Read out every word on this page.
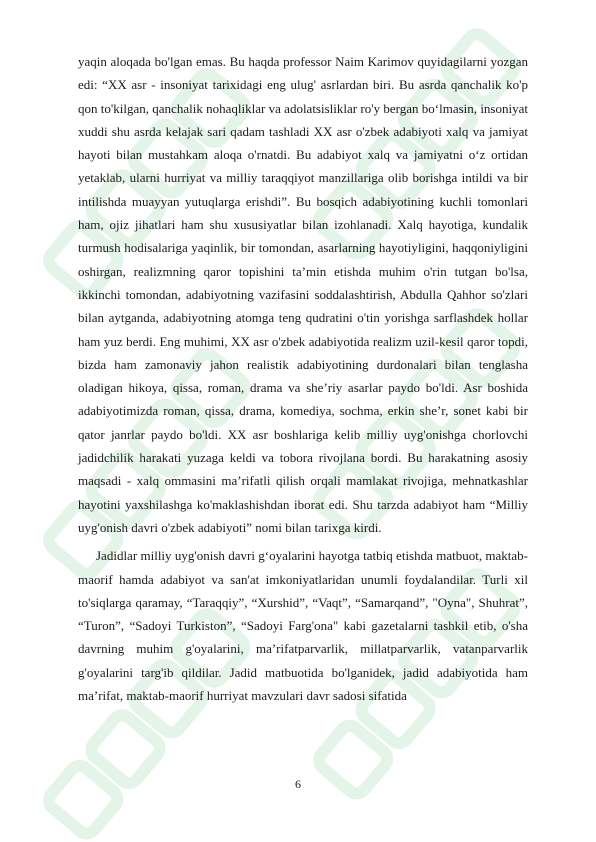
yaqin aloqada bo'lgan emas. Bu haqda professor Naim Karimov quyidagilarni yozgan edi: “XX asr - insoniyat tarixidagi eng ulug' asrlardan biri. Bu asrda qanchalik ko'p qon to'kilgan, qanchalik nohaqliklar va adolatsisliklar ro'y bergan bo‘lmasin, insoniyat xuddi shu asrda kelajak sari qadam tashladi XX asr o'zbek adabiyoti xalq va jamiyat hayoti bilan mustahkam aloqa o'rnatdi. Bu adabiyot xalq va jamiyatni o‘z ortidan yetaklab, ularni hurriyat va milliy taraqqiyot manzillariga olib borishga intildi va bir intilishda muayyan yutuqlarga erishdi”. Bu bosqich adabiyotining kuchli tomonlari ham, ojiz jihatlari ham shu xususiyatlar bilan izohlanadi. Xalq hayotiga, kundalik turmush hodisalariga yaqinlik, bir tomondan, asarlarning hayotiyligini, haqqoniyligini oshirgan, realizmning qaror topishini ta’min etishda muhim o'rin tutgan bo'lsa, ikkinchi tomondan, adabiyotning vazifasini soddalashtirish, Abdulla Qahhor so'zlari bilan aytganda, adabiyotning atomga teng qudratini o'tin yorishga sarflashdek hollar ham yuz berdi. Eng muhimi, XX asr o'zbek adabiyotida realizm uzil-kesil qaror topdi, bizda ham zamonaviy jahon realistik adabiyotining durdonalari bilan tenglasha oladigan hikoya, qissa, roman, drama va she’riy asarlar paydo bo'ldi. Asr boshida adabiyotimizda roman, qissa, drama, komediya, sochma, erkin she’r, sonet kabi bir qator janrlar paydo bo'ldi. XX asr boshlariga kelib milliy uyg'onishga chorlovchi jadidchilik harakati yuzaga keldi va tobora rivojlana bordi. Bu harakatning asosiy maqsadi - xalq ommasini ma’rifatli qilish orqali mamlakat rivojiga, mehnatkashlar hayotini yaxshilashga ko'maklashishdan iborat edi. Shu tarzda adabiyot ham “Milliy uyg'onish davri o'zbek adabiyoti” nomi bilan tarixga kirdi.

Jadidlar milliy uyg'onish davri g‘oyalarini hayotga tatbiq etishda matbuot, maktab-maorif hamda adabiyot va san'at imkoniyatlaridan unumli foydalandilar. Turli xil to'siqlarga qaramay, “Taraqqiy”, “Xurshid”, “Vaqt”, “Samarqand”, "Oyna", Shuhrat”, “Turon”, “Sadoyi Turkiston”, “Sadoyi Farg'ona" kabi gazetalarni tashkil etib, o'sha davrning muhim g'oyalarini, ma’rifatparvarlik, millatparvarlik, vatanparvarlik g'oyalarini targ'ib qildilar. Jadid matbuotida bo'lganidek, jadid adabiyotida ham ma’rifat, maktab-maorif hurriyat mavzulari davr sadosi sifatida

6
